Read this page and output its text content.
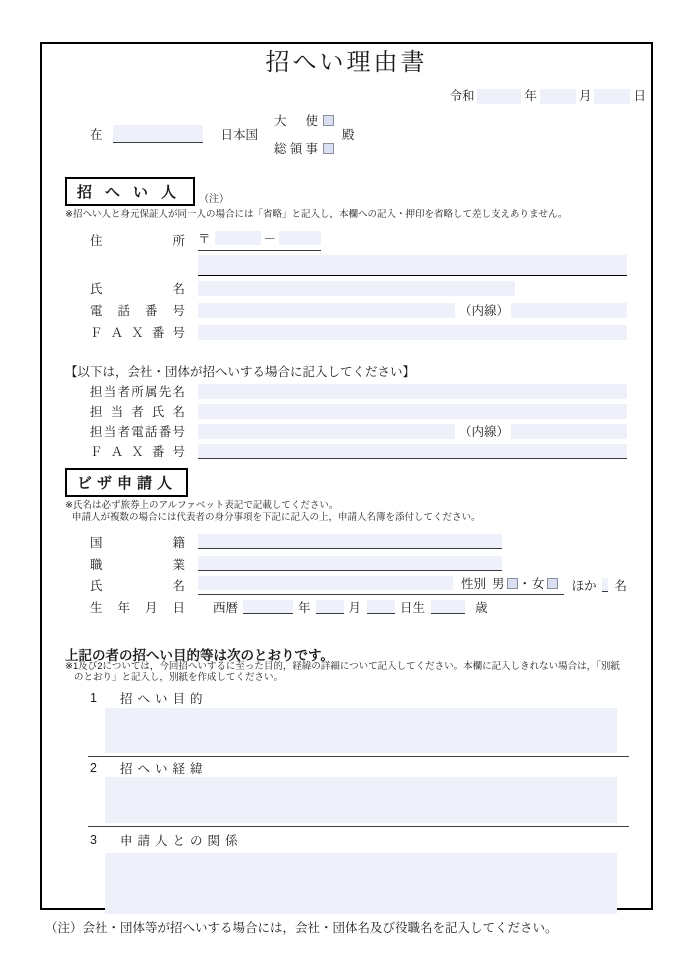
招へい理由書
令和	年	月	日
在	日本国
大使
総領事
殿
招へい人	（注）
※招へい人と身元保証人が同一人の場合には「省略」と記入し，本欄への記入・押印を省略して差し支えありません。
住所 〒	－
氏名
電話番号	（内線）
ＦＡＸ番号
【以下は，会社・団体が招へいする場合に記入してください】
担当者所属先名
担当者氏名
担当者電話番号	（内線）
ＦＡＸ番号
ビザ申請人
※氏名は必ず旅券上のアルファベット表記で記載してください。
申請人が複数の場合には代表者の身分事項を下記に記入の上，申請人名簿を添付してください。
国籍
職業
氏名	性別 男 ・ 女 ほか 名
生年月日 西暦	年	月	日生	歳
上記の者の招へい目的等は次のとおりです。
※1及び2については，今回招へいするに至った目的，経緯の詳細について記入してください。本欄に記入しきれない場合は，「別紙のとおり」と記入し，別紙を作成してください。
1	招へい目的
2	招へい経緯
3	申請人との関係
（注）会社・団体等が招へいする場合には，会社・団体名及び役職名を記入してください。
